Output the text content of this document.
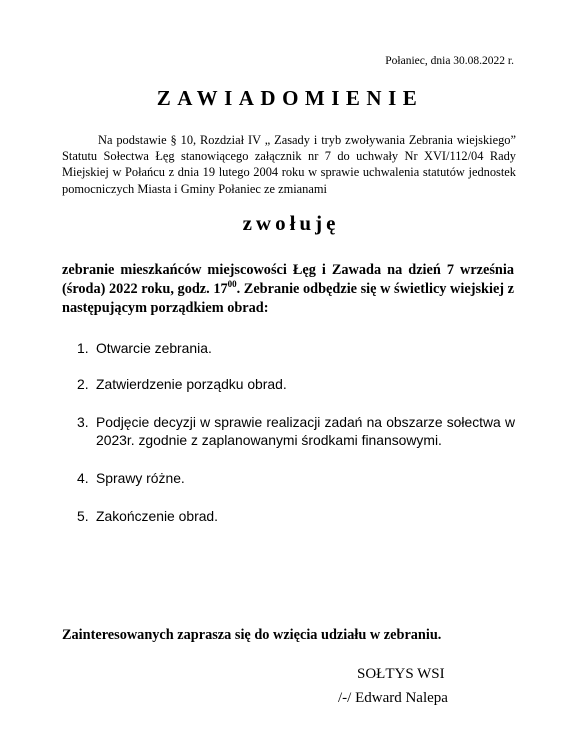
Połaniec, dnia 30.08.2022 r.
ZAWIADOMIENIE

Na podstawie § 10, Rozdział IV „ Zasady i tryb zwoływania Zebrania wiejskiego” Statutu Sołectwa Łęg stanowiącego załącznik nr 7 do uchwały Nr XVI/112/04 Rady Miejskiej w Połańcu z dnia 19 lutego 2004 roku w sprawie uchwalenia statutów jednostek pomocniczych Miasta i Gminy Połaniec ze zmianami

zwołuję

zebranie mieszkańców miejscowości Łęg i Zawada na dzień 7 września (środa) 2022 roku, godz. $17^{00}$. Zebranie odbędzie się w świetlicy wiejskiej z następującym porządkiem obrad:

1. Otwarcie zebrania.
2. Zatwierdzenie porządku obrad.
3. Podjęcie decyzji w sprawie realizacji zadań na obszarze sołectwa w 2023r. zgodnie z zaplanowanymi środkami finansowymi.
4. Sprawy różne.
5. Zakończenie obrad.

Zainteresowanych zaprasza się do wzięcia udziału w zebraniu.

SOŁTYS WSI

/-/ Edward Nalepa
